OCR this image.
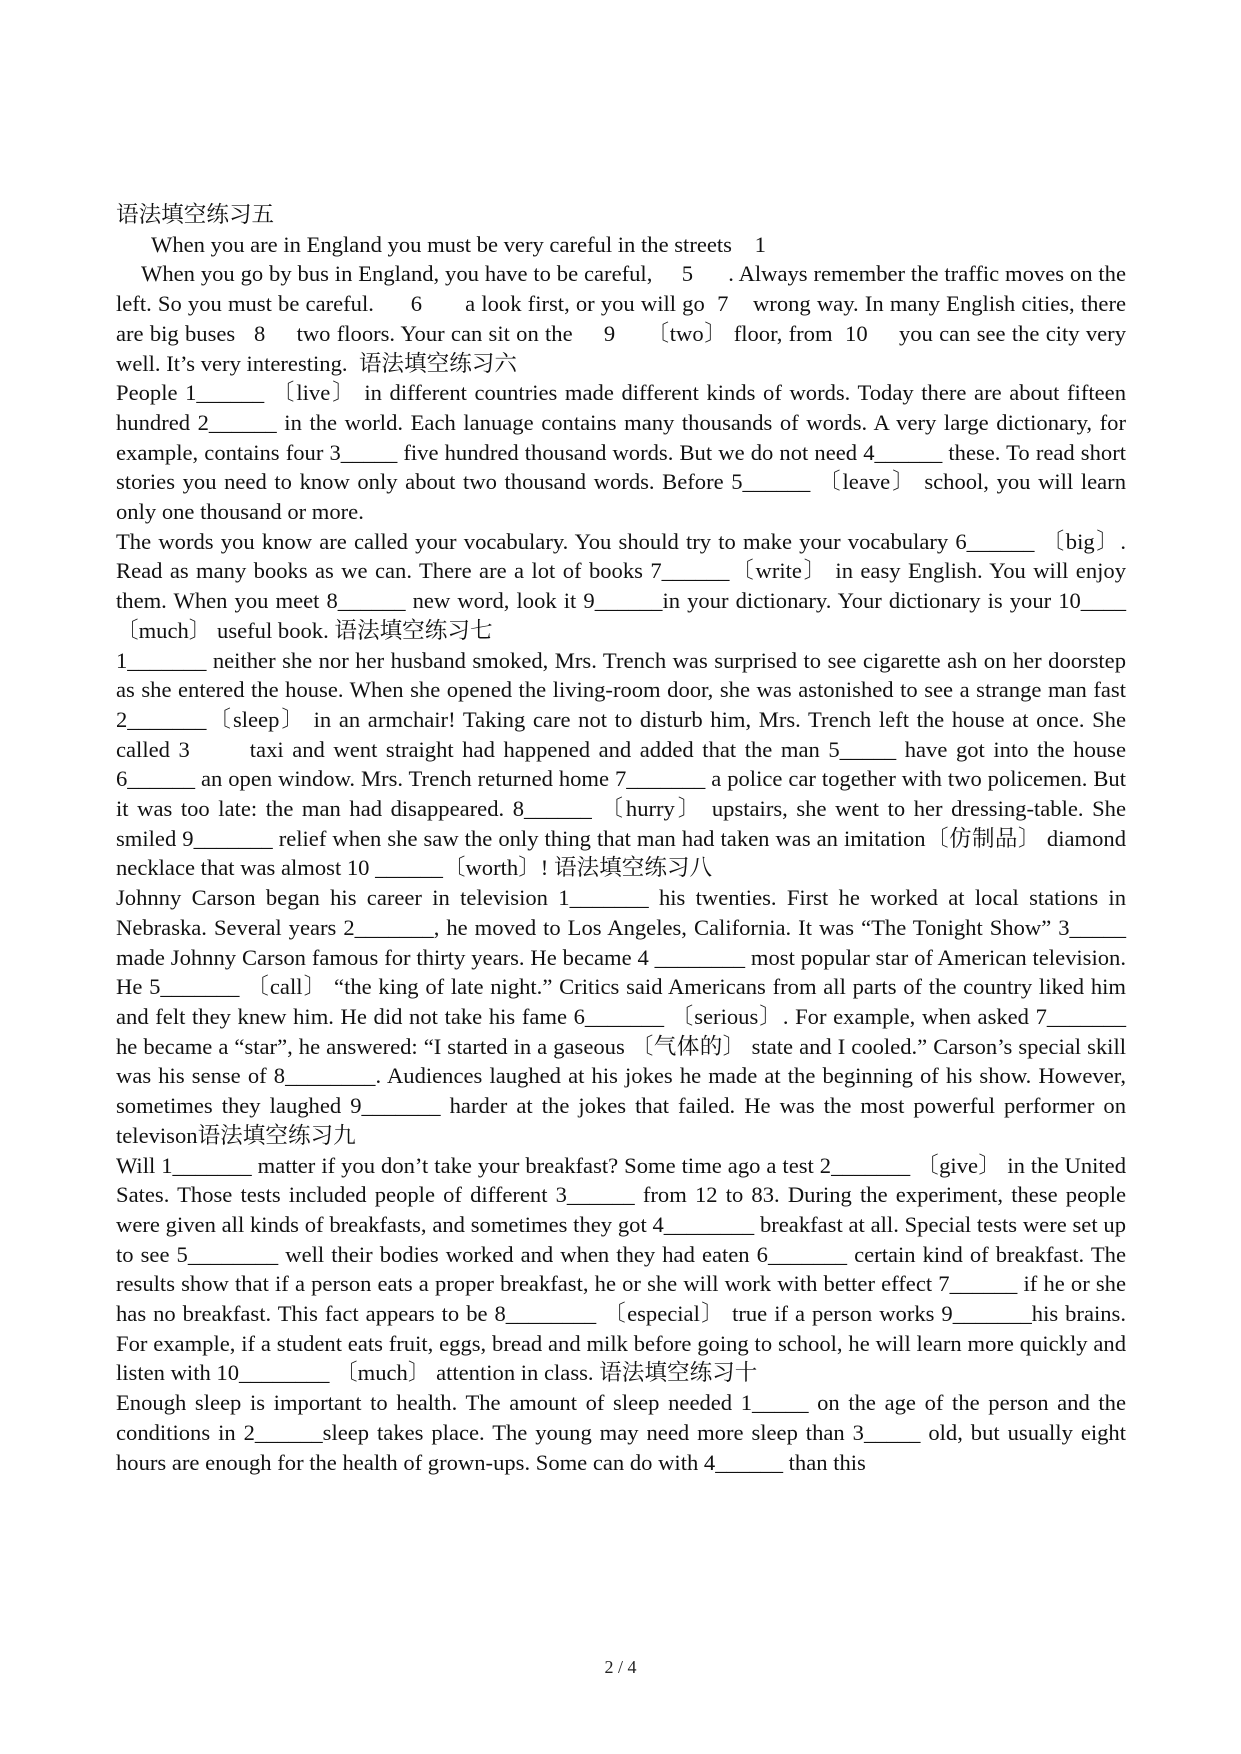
语法填空练习五

When you are in England you must be very careful in the streets    1

When you go by bus in England, you have to be careful,     5      . Always remember the traffic moves on the left. So you must be careful.      6       a look first, or you will go  7    wrong way. In many English cities, there are big buses   8     two floors. Your can sit on the     9     〔two〕 floor, from  10     you can see the city very well. It’s very interesting.  语法填空练习六

People 1______ 〔live〕 in different countries made different kinds of words. Today there are about fifteen hundred 2______ in the world. Each lanuage contains many thousands of words. A very large dictionary, for example, contains four 3_____ five hundred thousand words. But we do not need 4______ these. To read short stories you need to know only about two thousand words. Before 5______ 〔leave〕 school, you will learn only one thousand or more.

The words you know are called your vocabulary. You should try to make your vocabulary 6______ 〔big〕. Read as many books as we can. There are a lot of books 7______〔write〕 in easy English. You will enjoy them. When you meet 8______ new word, look it 9______in your dictionary. Your dictionary is your 10____ 〔much〕 useful book. 语法填空练习七

1_______ neither she nor her husband smoked, Mrs. Trench was surprised to see cigarette ash on her doorstep as she entered the house. When she opened the living-room door, she was astonished to see a strange man fast 2_______〔sleep〕 in an armchair! Taking care not to disturb him, Mrs. Trench left the house at once. She called 3       taxi and went straight had happened and added that the man 5_____ have got into the house 6______ an open window. Mrs. Trench returned home 7_______ a police car together with two policemen. But it was too late: the man had disappeared. 8______ 〔hurry〕 upstairs, she went to her dressing-table. She smiled 9_______ relief when she saw the only thing that man had taken was an imitation〔仿制品〕 diamond necklace that was almost 10 ______〔worth〕! 语法填空练习八

Johnny Carson began his career in television 1_______ his twenties. First he worked at local stations in Nebraska. Several years 2_______, he moved to Los Angeles, California. It was “The Tonight Show” 3_____ made Johnny Carson famous for thirty years. He became 4 ________ most popular star of American television. He 5_______ 〔call〕 “the king of late night.” Critics said Americans from all parts of the country liked him and felt they knew him. He did not take his fame 6_______ 〔serious〕. For example, when asked 7_______ he became a “star”, he answered: “I started in a gaseous 〔气体的〕 state and I cooled.” Carson’s special skill was his sense of 8________. Audiences laughed at his jokes he made at the beginning of his show. However, sometimes they laughed 9_______ harder at the jokes that failed. He was the most powerful performer on televison语法填空练习九

Will 1_______ matter if you don’t take your breakfast? Some time ago a test 2_______ 〔give〕 in the United Sates. Those tests included people of different 3______ from 12 to 83. During the experiment, these people were given all kinds of breakfasts, and sometimes they got 4________ breakfast at all. Special tests were set up to see 5________ well their bodies worked and when they had eaten 6_______ certain kind of breakfast. The results show that if a person eats a proper breakfast, he or she will work with better effect 7______ if he or she has no breakfast. This fact appears to be 8________ 〔especial〕 true if a person works 9_______his brains. For example, if a student eats fruit, eggs, bread and milk before going to school, he will learn more quickly and listen with 10________ 〔much〕 attention in class. 语法填空练习十

Enough sleep is important to health. The amount of sleep needed 1_____ on the age of the person and the conditions in 2______sleep takes place. The young may need more sleep than 3_____ old, but usually eight hours are enough for the health of grown-ups. Some can do with 4______ than this

2 / 4
